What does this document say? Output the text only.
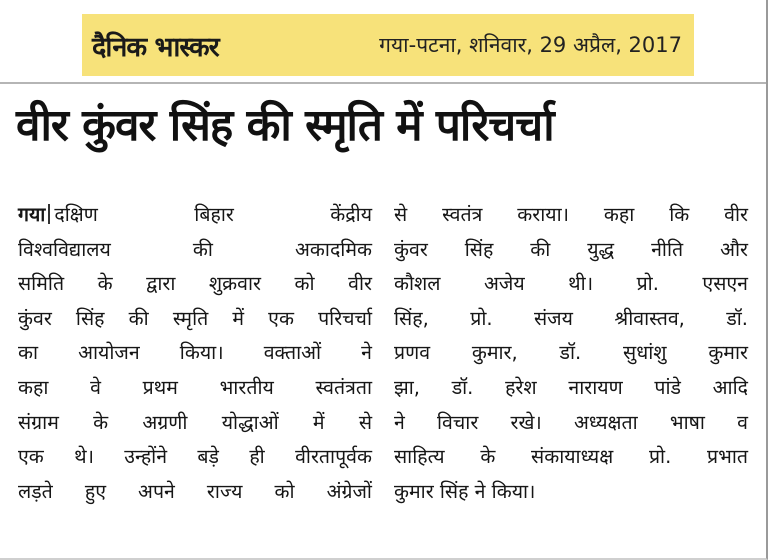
दैनिक भास्कर	गया-पटना, शनिवार, 29 अप्रैल, 2017
वीर कुंवर सिंह की स्मृति में परिचर्चा

गया दक्षिण बिहार केंद्रीय

विश्वविद्यालय की अकादमिक

समिति के द्वारा शुक्रवार को वीर

कुंवर सिंह की स्मृति में एक परिचर्चा

का आयोजन किया। वक्ताओं ने

कहा वे प्रथम भारतीय स्वतंत्रता

संग्राम के अग्रणी योद्धाओं में से

एक थे। उन्होंने बड़े ही वीरतापूर्वक

लड़ते हुए अपने राज्य को अंग्रेजों

से स्वतंत्र कराया। कहा कि वीर

कुंवर सिंह की युद्ध नीति और

कौशल अजेय थी। प्रो. एसएन

सिंह, प्रो. संजय श्रीवास्तव, डॉ.

प्रणव कुमार, डॉ. सुधांशु कुमार

झा, डॉ. हरेश नारायण पांडे आदि

ने विचार रखे। अध्यक्षता भाषा व

साहित्य के संकायाध्यक्ष प्रो. प्रभात

कुमार सिंह ने किया।
